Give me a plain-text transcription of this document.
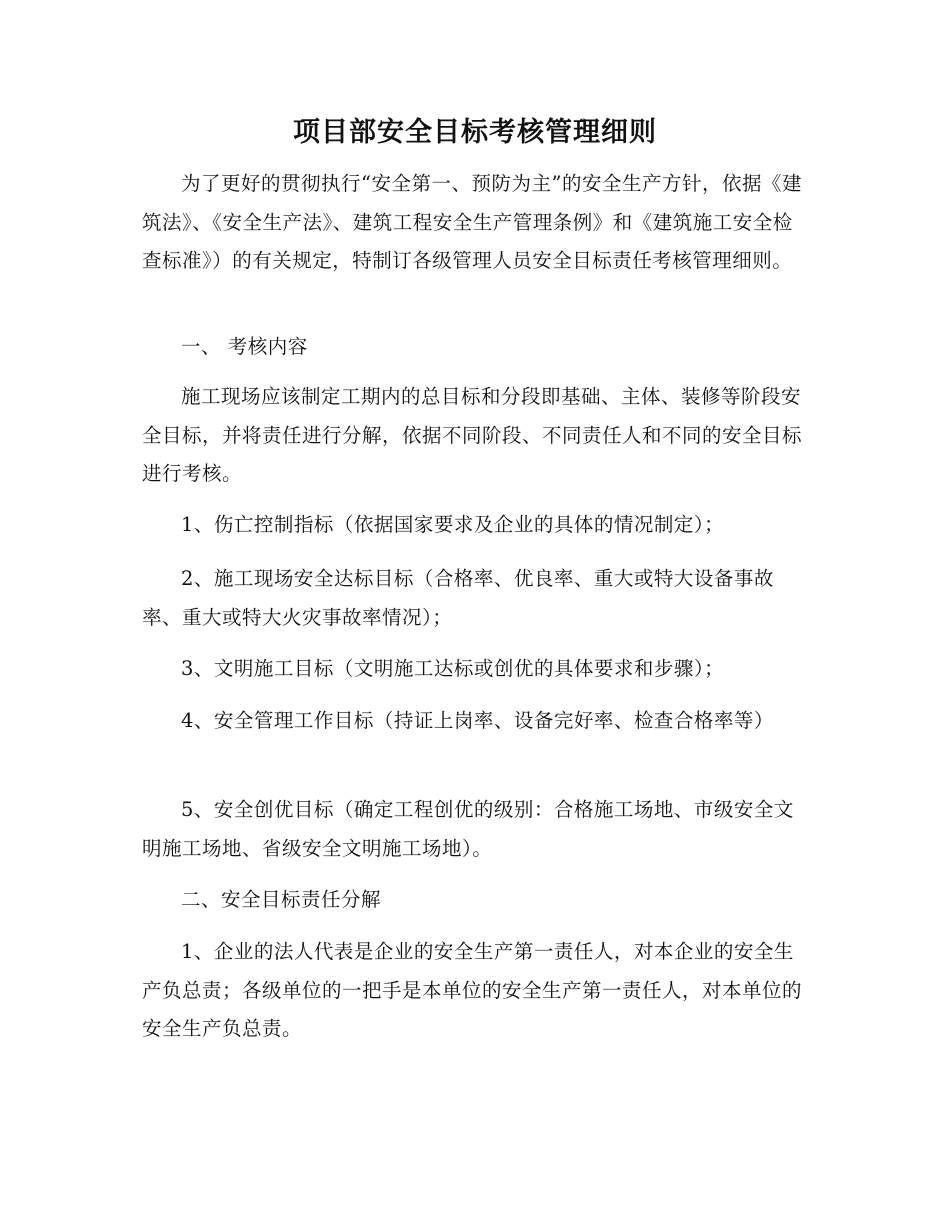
项目部安全目标考核管理细则

为了更好的贯彻执行“安全第一、预防为主”的安全生产方针，依据《建筑法》、《安全生产法》、建筑工程安全生产管理条例》和《建筑施工安全检查标准》）的有关规定，特制订各级管理人员安全目标责任考核管理细则。

一、 考核内容

施工现场应该制定工期内的总目标和分段即基础、主体、装修等阶段安全目标，并将责任进行分解，依据不同阶段、不同责任人和不同的安全目标进行考核。

1、伤亡控制指标（依据国家要求及企业的具体的情况制定）；

2、施工现场安全达标目标（合格率、优良率、重大或特大设备事故率、重大或特大火灾事故率情况）；

3、文明施工目标（文明施工达标或创优的具体要求和步骤）；

4、安全管理工作目标（持证上岗率、设备完好率、检查合格率等）

5、安全创优目标（确定工程创优的级别：合格施工场地、市级安全文明施工场地、省级安全文明施工场地）。

二、安全目标责任分解

1、企业的法人代表是企业的安全生产第一责任人，对本企业的安全生产负总责；各级单位的一把手是本单位的安全生产第一责任人，对本单位的安全生产负总责。
